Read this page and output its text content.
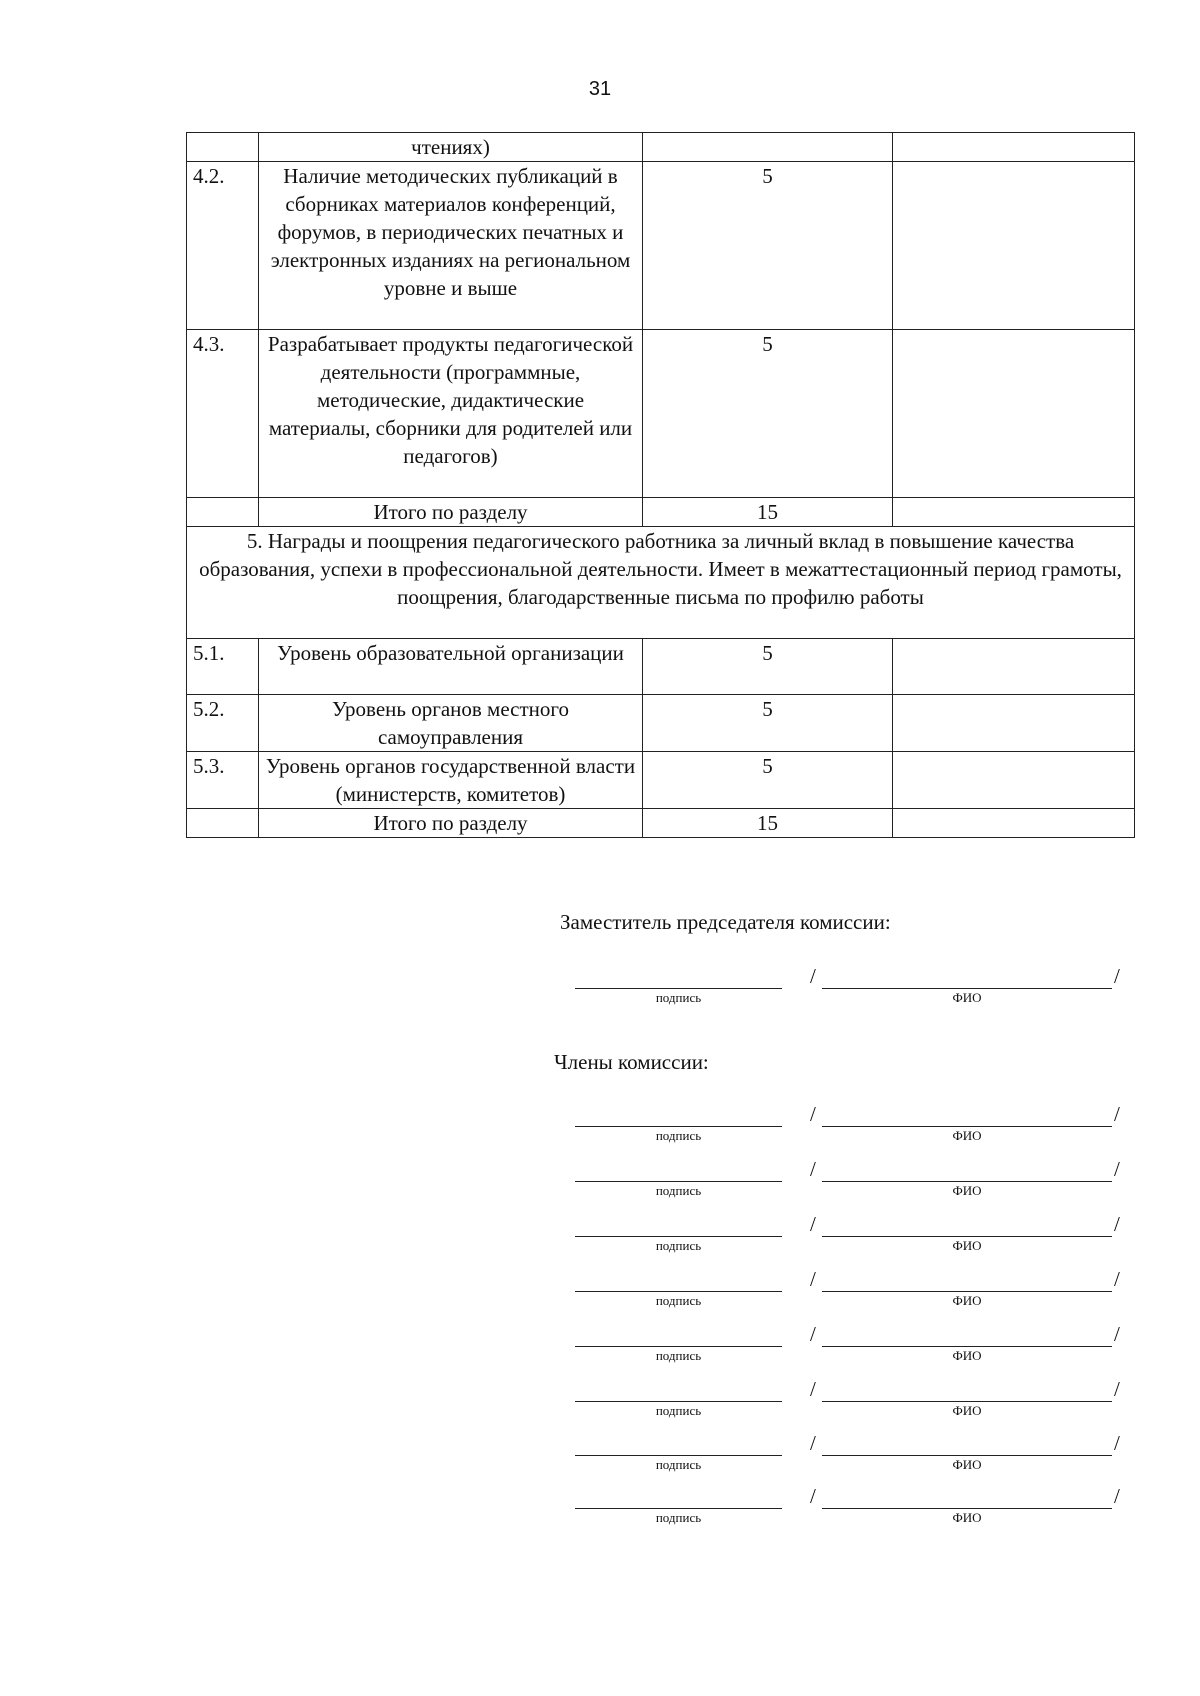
31
	чтениях)		
4.2.	Наличие методических публикаций в сборниках материалов конференций, форумов, в периодических печатных и электронных изданиях на региональном уровне и выше	5	
4.3.	Разрабатывает продукты педагогической деятельности (программные, методические, дидактические материалы, сборники для родителей или педагогов)	5	
	Итого по разделу	15	
5. Награды и поощрения педагогического работника за личный вклад в повышение качества образования, успехи в профессиональной деятельности. Имеет в межаттестационный период грамоты, поощрения, благодарственные письма по профилю работы			
5.1.	Уровень образовательной организации	5	
5.2.	Уровень органов местного самоуправления	5	
5.3.	Уровень органов государственной власти (министерств, комитетов)	5	
	Итого по разделу	15	
Заместитель председателя комиссии:
Члены комиссии:
/	/
подпись	ФИО
/	/
подпись	ФИО
/	/
подпись	ФИО
/	/
подпись	ФИО
/	/
подпись	ФИО
/	/
подпись	ФИО
/	/
подпись	ФИО
/	/
подпись	ФИО
/	/
подпись	ФИО
